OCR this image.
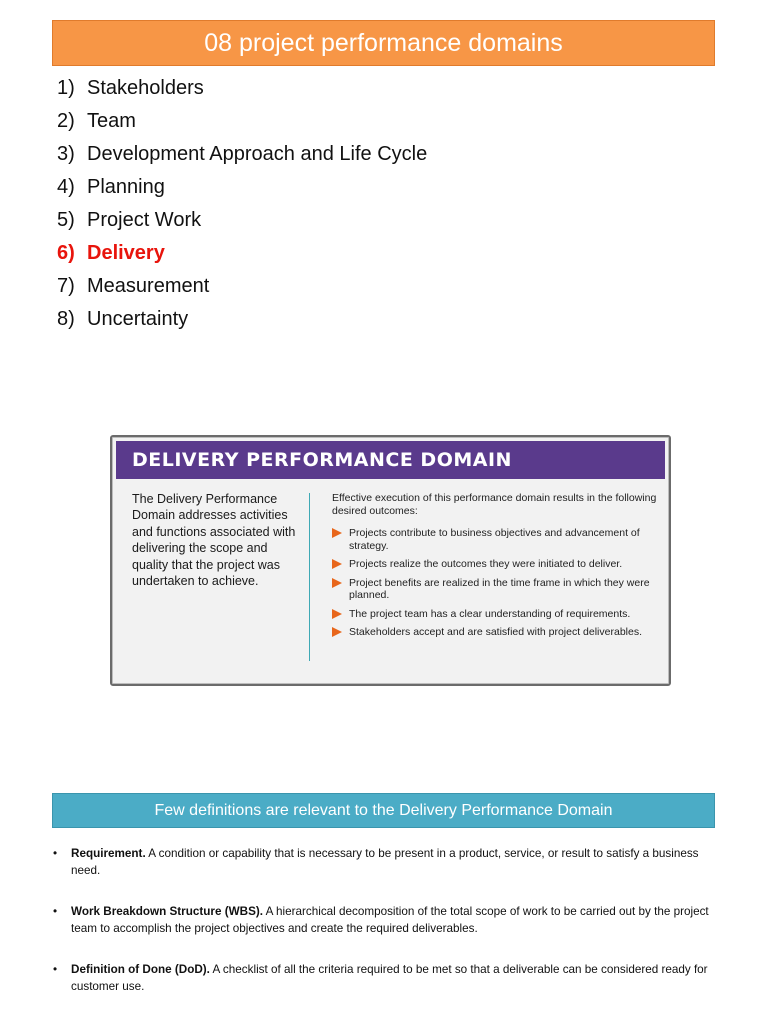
08 project performance domains
1) Stakeholders
2) Team
3) Development Approach and Life Cycle
4) Planning
5) Project Work
6) Delivery
7) Measurement
8) Uncertainty
DELIVERY PERFORMANCE DOMAIN
The Delivery Performance Domain addresses activities and functions associated with delivering the scope and quality that the project was undertaken to achieve.
Effective execution of this performance domain results in the following desired outcomes:
Projects contribute to business objectives and advancement of strategy.
Projects realize the outcomes they were initiated to deliver.
Project benefits are realized in the time frame in which they were planned.
The project team has a clear understanding of requirements.
Stakeholders accept and are satisfied with project deliverables.
Few definitions are relevant to the Delivery Performance Domain
•	Requirement. A condition or capability that is necessary to be present in a product, service, or result to satisfy a business need.
•	Work Breakdown Structure (WBS). A hierarchical decomposition of the total scope of work to be carried out by the project team to accomplish the project objectives and create the required deliverables.
•	Definition of Done (DoD). A checklist of all the criteria required to be met so that a deliverable can be considered ready for customer use.
